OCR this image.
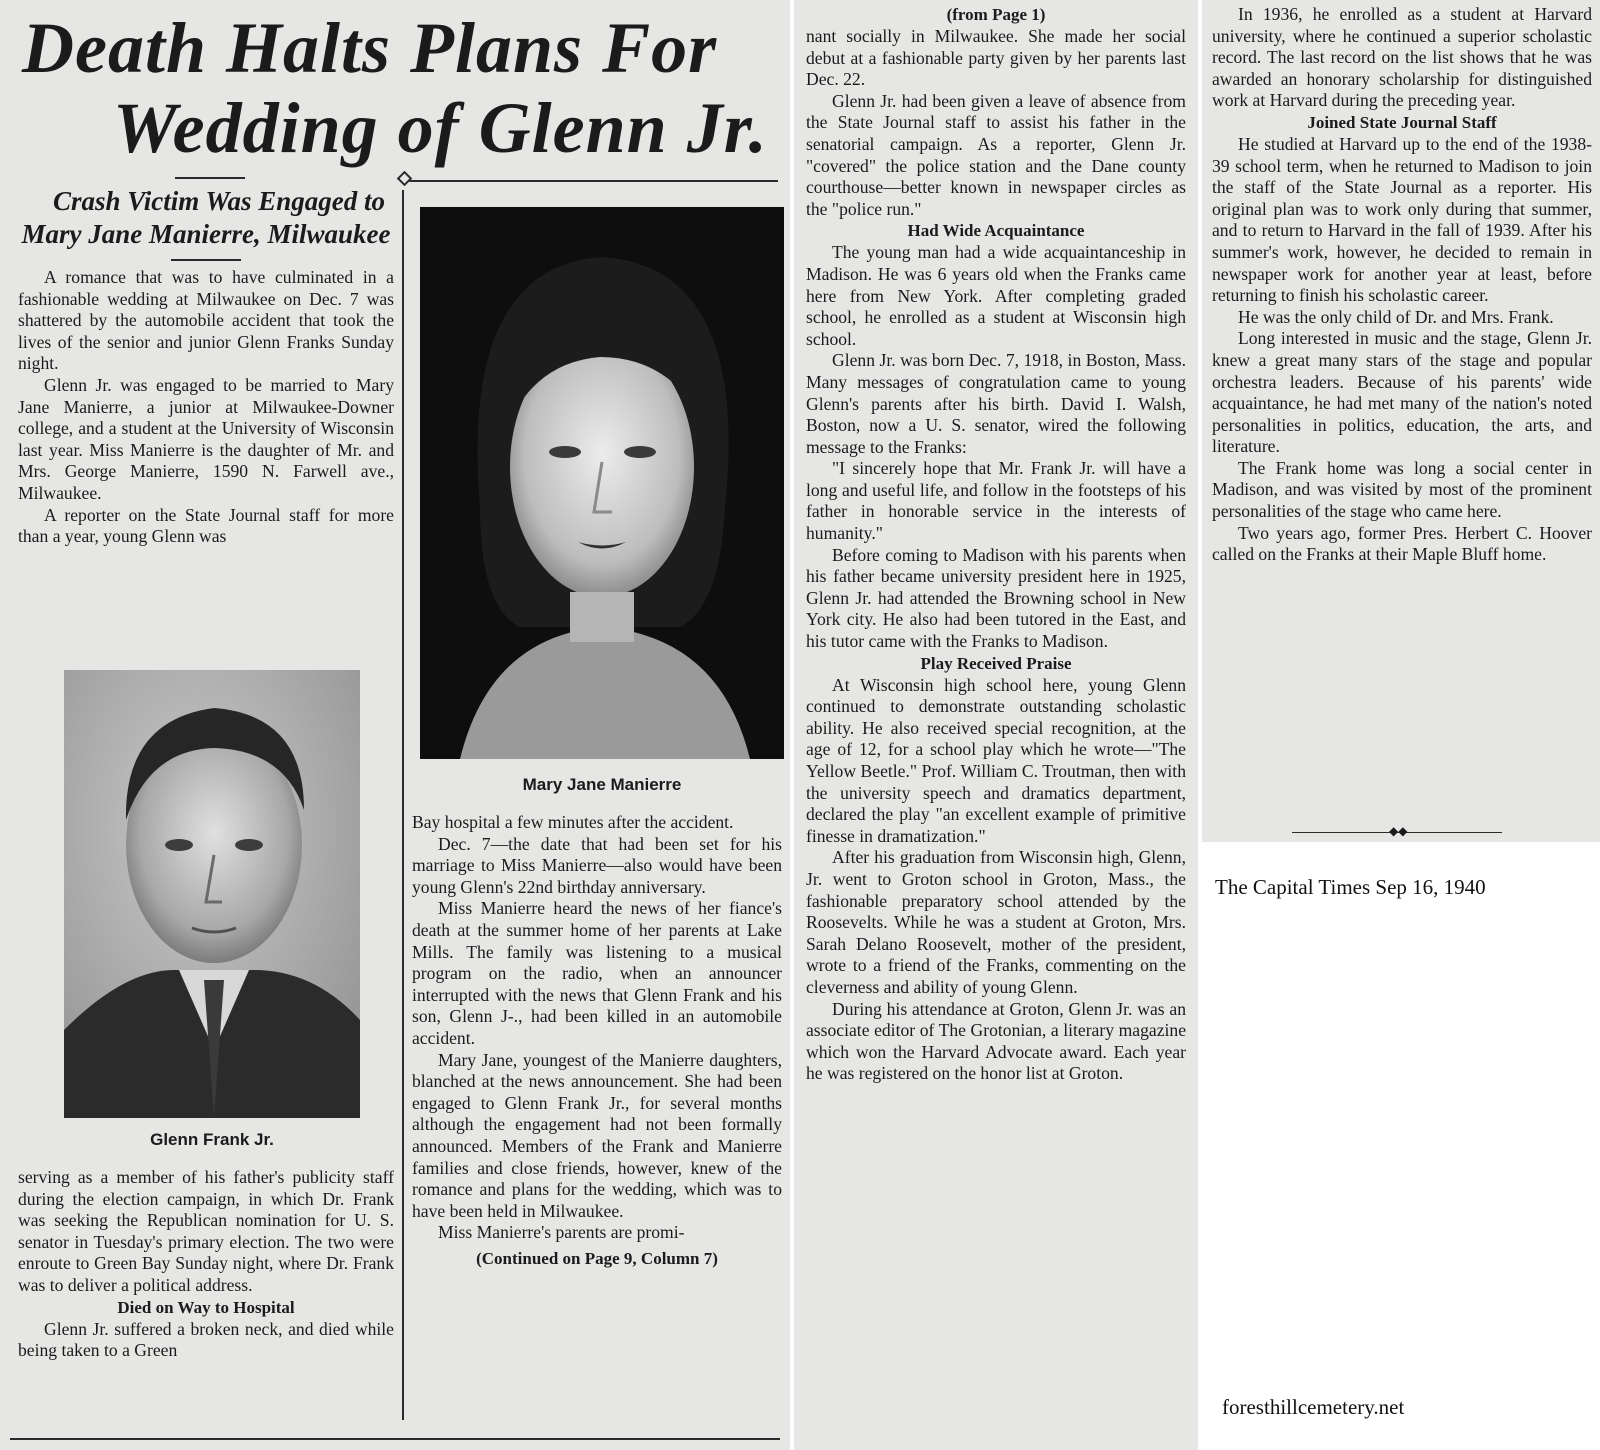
Death Halts Plans For
Wedding of Glenn Jr.

Crash Victim Was Engaged to Mary Jane Manierre, Milwaukee

A romance that was to have culminated in a fashionable wedding at Milwaukee on Dec. 7 was shattered by the automobile accident that took the lives of the senior and junior Glenn Franks Sunday night.

Glenn Jr. was engaged to be married to Mary Jane Manierre, a junior at Milwaukee-Downer college, and a student at the University of Wisconsin last year. Miss Manierre is the daughter of Mr. and Mrs. George Manierre, 1590 N. Farwell ave., Milwaukee.

A reporter on the State Journal staff for more than a year, young Glenn was

Glenn Frank Jr.

serving as a member of his father's publicity staff during the election campaign, in which Dr. Frank was seeking the Republican nomination for U. S. senator in Tuesday's primary election. The two were enroute to Green Bay Sunday night, where Dr. Frank was to deliver a political address.

Died on Way to Hospital

Glenn Jr. suffered a broken neck, and died while being taken to a Green

Mary Jane Manierre

Bay hospital a few minutes after the accident.

Dec. 7—the date that had been set for his marriage to Miss Manierre—also would have been young Glenn's 22nd birthday anniversary.

Miss Manierre heard the news of her fiance's death at the summer home of her parents at Lake Mills. The family was listening to a musical program on the radio, when an announcer interrupted with the news that Glenn Frank and his son, Glenn J-., had been killed in an automobile accident.

Mary Jane, youngest of the Manierre daughters, blanched at the news announcement. She had been engaged to Glenn Frank Jr., for several months although the engagement had not been formally announced. Members of the Frank and Manierre families and close friends, however, knew of the romance and plans for the wedding, which was to have been held in Milwaukee.

Miss Manierre's parents are promi-

(Continued on Page 9, Column 7)

(from Page 1)

nant socially in Milwaukee. She made her social debut at a fashionable party given by her parents last Dec. 22.

Glenn Jr. had been given a leave of absence from the State Journal staff to assist his father in the senatorial campaign. As a reporter, Glenn Jr. "covered" the police station and the Dane county courthouse—better known in newspaper circles as the "police run."

Had Wide Acquaintance

The young man had a wide acquaintanceship in Madison. He was 6 years old when the Franks came here from New York. After completing graded school, he enrolled as a student at Wisconsin high school.

Glenn Jr. was born Dec. 7, 1918, in Boston, Mass. Many messages of congratulation came to young Glenn's parents after his birth. David I. Walsh, Boston, now a U. S. senator, wired the following message to the Franks:

"I sincerely hope that Mr. Frank Jr. will have a long and useful life, and follow in the footsteps of his father in honorable service in the interests of humanity."

Before coming to Madison with his parents when his father became university president here in 1925, Glenn Jr. had attended the Browning school in New York city. He also had been tutored in the East, and his tutor came with the Franks to Madison.

Play Received Praise

At Wisconsin high school here, young Glenn continued to demonstrate outstanding scholastic ability. He also received special recognition, at the age of 12, for a school play which he wrote—"The Yellow Beetle." Prof. William C. Troutman, then with the university speech and dramatics department, declared the play "an excellent example of primitive finesse in dramatization."

After his graduation from Wisconsin high, Glenn, Jr. went to Groton school in Groton, Mass., the fashionable preparatory school attended by the Roosevelts. While he was a student at Groton, Mrs. Sarah Delano Roosevelt, mother of the president, wrote to a friend of the Franks, commenting on the cleverness and ability of young Glenn.

During his attendance at Groton, Glenn Jr. was an associate editor of The Grotonian, a literary magazine which won the Harvard Advocate award. Each year he was registered on the honor list at Groton.

In 1936, he enrolled as a student at Harvard university, where he continued a superior scholastic record. The last record on the list shows that he was awarded an honorary scholarship for distinguished work at Harvard during the preceding year.

Joined State Journal Staff

He studied at Harvard up to the end of the 1938-39 school term, when he returned to Madison to join the staff of the State Journal as a reporter. His original plan was to work only during that summer, and to return to Harvard in the fall of 1939. After his summer's work, however, he decided to remain in newspaper work for another year at least, before returning to finish his scholastic career.

He was the only child of Dr. and Mrs. Frank.

Long interested in music and the stage, Glenn Jr. knew a great many stars of the stage and popular orchestra leaders. Because of his parents' wide acquaintance, he had met many of the nation's noted personalities in politics, education, the arts, and literature.

The Frank home was long a social center in Madison, and was visited by most of the prominent personalities of the stage who came here.

Two years ago, former Pres. Herbert C. Hoover called on the Franks at their Maple Bluff home.

◆◆
The Capital Times Sep 16, 1940
foresthillcemetery.net
